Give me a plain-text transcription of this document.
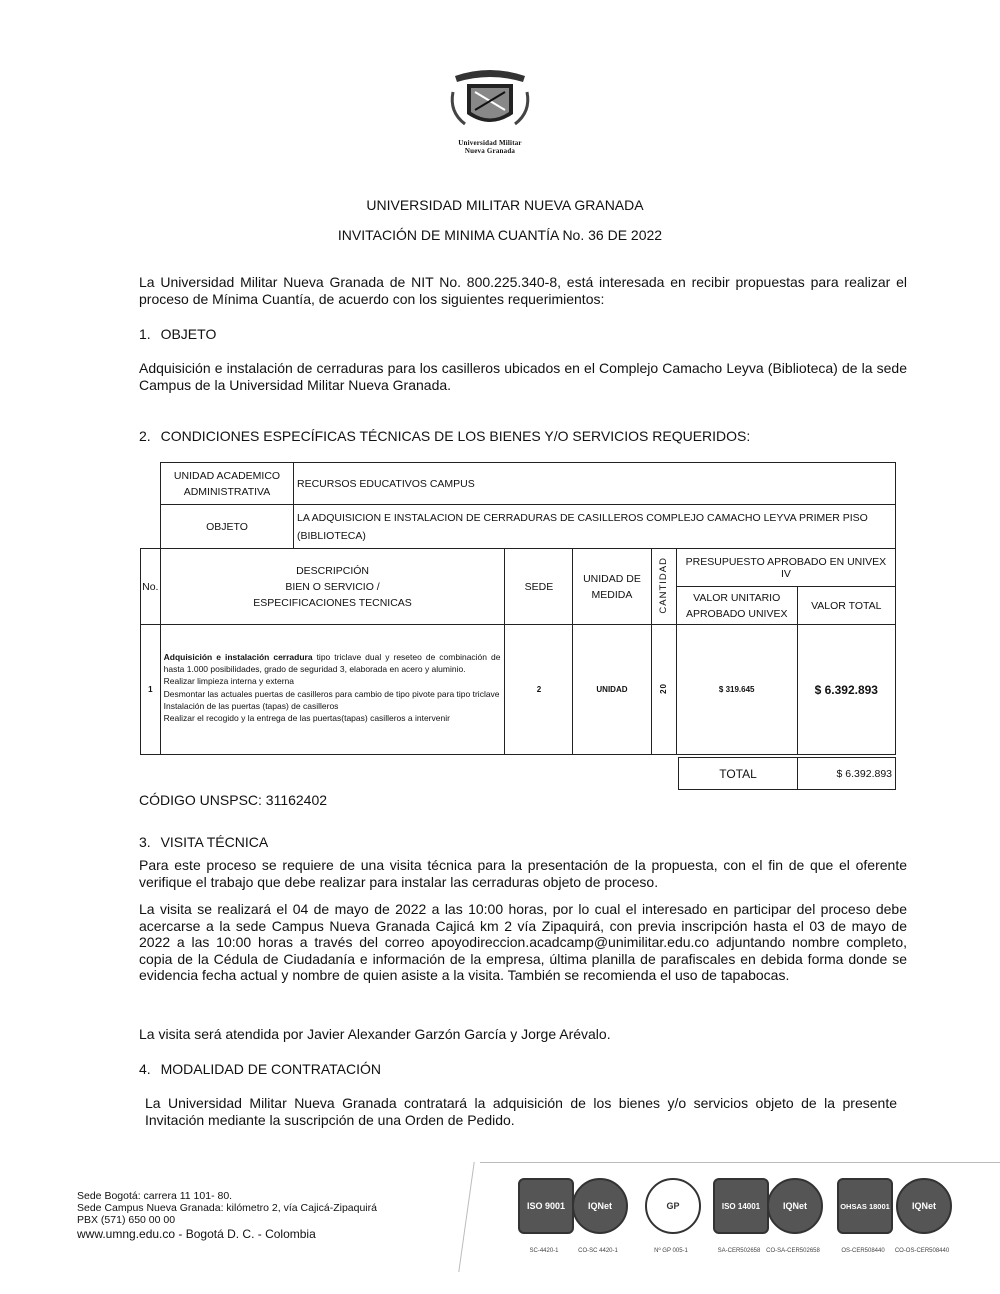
Universidad Militar
Nueva Granada
UNIVERSIDAD MILITAR NUEVA GRANADA
INVITACIÓN DE MINIMA CUANTÍA No. 36 DE 2022
La Universidad Militar Nueva Granada de NIT No. 800.225.340-8, está interesada en recibir propuestas para realizar el proceso de Mínima Cuantía, de acuerdo con los siguientes requerimientos:
1. OBJETO
Adquisición e instalación de cerraduras para los casilleros ubicados en el Complejo Camacho Leyva (Biblioteca) de la sede Campus de la Universidad Militar Nueva Granada.
2. CONDICIONES ESPECÍFICAS TÉCNICAS DE LOS BIENES Y/O SERVICIOS REQUERIDOS:
UNIDAD ACADEMICO ADMINISTRATIVA	RECURSOS EDUCATIVOS CAMPUS
OBJETO	LA ADQUISICION E INSTALACION DE CERRADURAS DE CASILLEROS COMPLEJO CAMACHO LEYVA PRIMER PISO (BIBLIOTECA)
No.	DESCRIPCIÓN
BIEN O SERVICIO /
ESPECIFICACIONES TECNICAS	SEDE	UNIDAD DE MEDIDA	CANTIDAD	PRESUPUESTO APROBADO EN UNIVEX IV	
					VALOR UNITARIO APROBADO UNIVEX	VALOR TOTAL
1	Adquisición e instalación cerradura tipo triclave dual y reseteo de combinación de hasta 1.000 posibilidades, grado de seguridad 3, elaborada en acero y aluminio.
Realizar limpieza interna y externa
Desmontar las actuales puertas de casilleros para cambio de tipo pivote para tipo triclave
Instalación de las puertas (tapas) de casilleros
Realizar el recogido y la entrega de las puertas(tapas) casilleros a intervenir	2	UNIDAD	20	$ 319.645	$ 6.392.893
TOTAL	$ 6.392.893
CÓDIGO UNSPSC: 31162402
3. VISITA TÉCNICA
Para este proceso se requiere de una visita técnica para la presentación de la propuesta, con el fin de que el oferente verifique el trabajo que debe realizar para instalar las cerraduras objeto de proceso.
La visita se realizará el 04 de mayo de 2022 a las 10:00 horas, por lo cual el interesado en participar del proceso debe acercarse a la sede Campus Nueva Granada Cajicá km 2 vía Zipaquirá, con previa inscripción hasta el 03 de mayo de 2022 a las 10:00 horas a través del correo apoyodireccion.acadcamp@unimilitar.edu.co adjuntando nombre completo, copia de la Cédula de Ciudadanía e información de la empresa, última planilla de parafiscales en debida forma donde se evidencia fecha actual y nombre de quien asiste a la visita. También se recomienda el uso de tapabocas.
La visita será atendida por Javier Alexander Garzón García y Jorge Arévalo.
4. MODALIDAD DE CONTRATACIÓN
La Universidad Militar Nueva Granada contratará la adquisición de los bienes y/o servicios objeto de la presente Invitación mediante la suscripción de una Orden de Pedido.
Sede Bogotá: carrera 11 101- 80.
Sede Campus Nueva Granada: kilómetro 2, vía Cajicá-Zipaquirá
PBX (571) 650 00 00
www.umng.edu.co - Bogotá D. C. - Colombia
ISO 9001
SC-4420-1
IQNet
CO-SC 4420-1
GP
Nº GP 005-1
ISO 14001
SA-CER502658
IQNet
CO-SA-CER502658
OHSAS 18001
OS-CER508440
IQNet
CO-OS-CER508440
